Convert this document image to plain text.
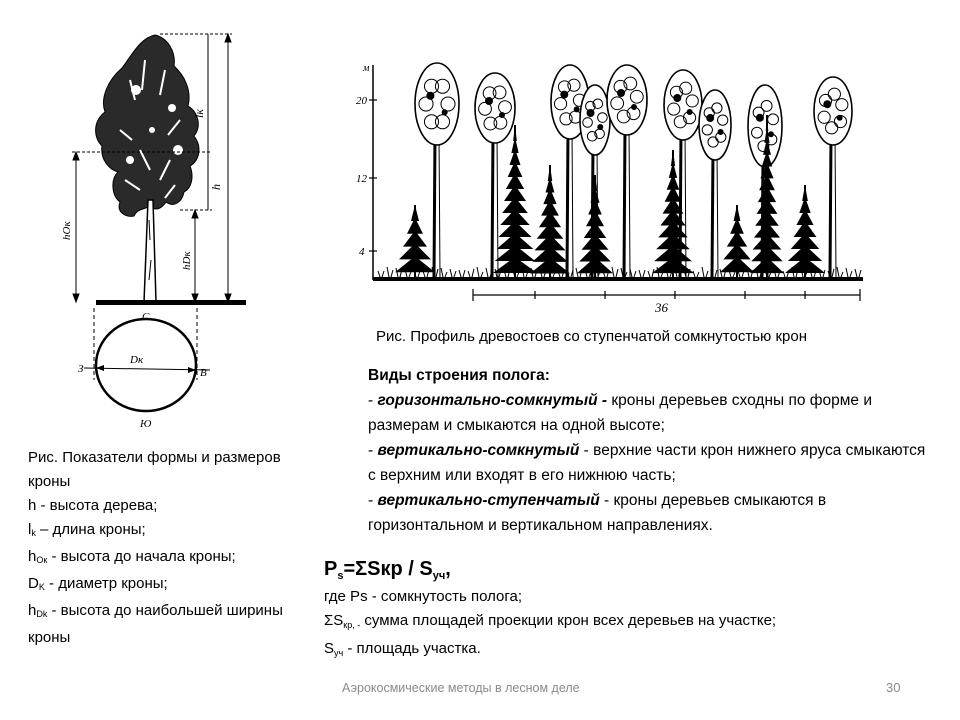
lк
h
hОк
hDк
С
Dк
З	В
Ю
м
20
12
4
36
Рис. Профиль древостоев со ступенчатой сомкнутостью крон

Виды строения полога:

- горизонтально-сомкнутый - кроны деревьев сходны по форме и размерам и смыкаются на одной высоте;

- вертикально-сомкнутый - верхние части крон нижнего яруса смыкаются с верхним или входят в его нижнюю часть;

- вертикально-ступенчатый - кроны деревьев смыкаются в горизонтальном и вертикальном направлениях.

Рис. Показатели формы и размеров кроны

h - высота дерева;

$l_k$ – длина кроны;

$h_{Ок}$ - высота до начала кроны;

$D_K$ - диаметр кроны;

$h_{Dk}$ - высота до наибольшей ширины кроны

$P_s=\Sigma Sкр / S_{уч}$,

где Ps - сомкнутость полога;

$\Sigma S_{кр, -}$ сумма площадей проекции крон всех деревьев на участке;

$S_{уч}$ - площадь участка.

Аэрокосмические методы в лесном деле	30
